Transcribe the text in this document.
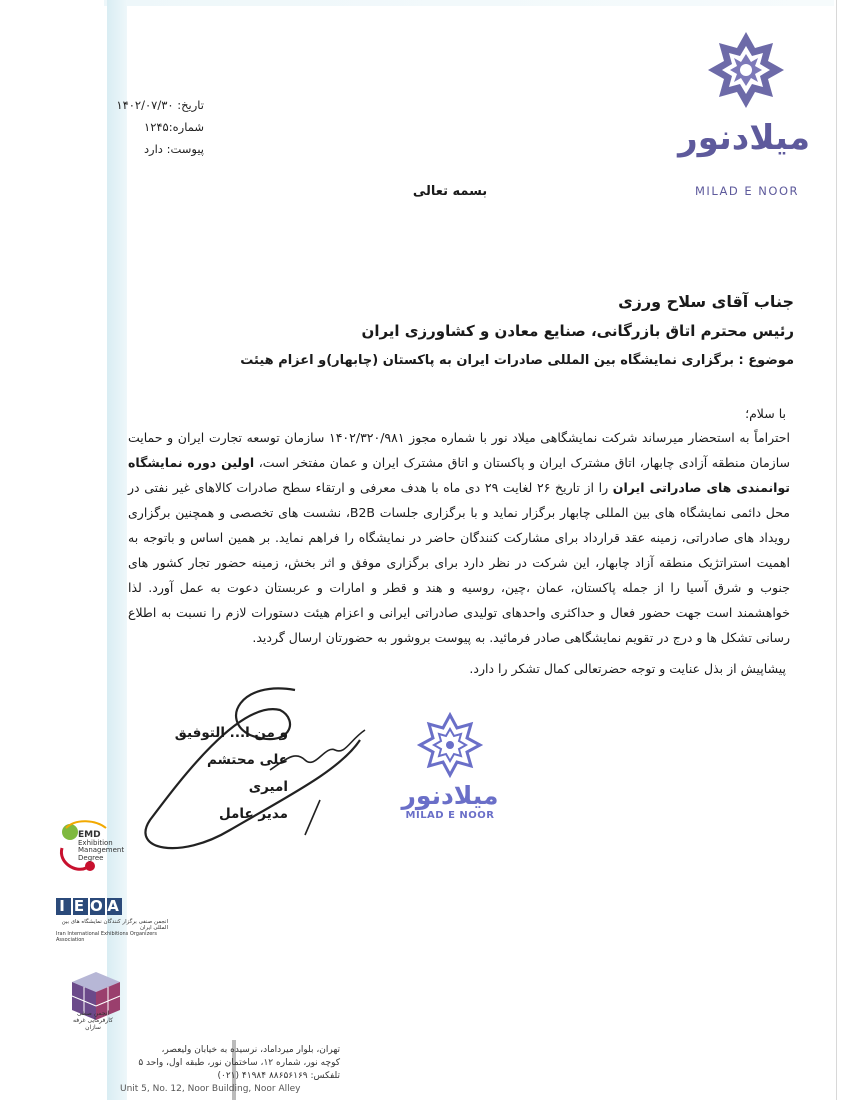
تاریخ: ۱۴۰۲/۰۷/۳۰
شماره:۱۲۴۵
پیوست: دارد	میلادنور
MILAD E NOOR
بسمه تعالی
جناب آقای سلاح ورزی
رئیس محترم اتاق بازرگانی، صنایع معادن و کشاورزی ایران
موضوع : برگزاری نمایشگاه بین المللی صادرات ایران به پاکستان (چابهار)و اعزام هیئت
با سلام؛
احتراماً به استحضار میرساند شرکت نمایشگاهی میلاد نور با شماره مجوز ۱۴۰۲/۳۲۰/۹۸۱ سازمان توسعه تجارت ایران و حمایت سازمان منطقه آزادی چابهار، اتاق مشترک ایران و پاکستان و اتاق مشترک ایران و عمان مفتخر است، اولین دوره نمایشگاه توانمندی های صادراتی ایران را از تاریخ ۲۶ لغایت ۲۹ دی ماه با هدف معرفی و ارتقاء سطح صادرات کالاهای غیر نفتی در محل دائمی نمایشگاه های بین المللی چابهار برگزار نماید و با برگزاری جلسات B2B، نشست های تخصصی و همچنین برگزاری رویداد های صادراتی، زمینه عقد قرارداد برای مشارکت کنندگان حاضر در نمایشگاه را فراهم نماید. بر همین اساس و باتوجه به اهمیت استراتژیک منطقه آزاد چابهار، این شرکت در نظر دارد برای برگزاری موفق و اثر بخش، زمینه حضور تجار کشور های جنوب و شرق آسیا را از جمله پاکستان، عمان ،چین، روسیه و هند و قطر و امارات و عربستان دعوت به عمل آورد. لذا خواهشمند است جهت حضور فعال و حداکثری واحدهای تولیدی صادراتی ایرانی و اعزام هیئت دستورات لازم را نسبت به اطلاع رسانی تشکل ها و درج در تقویم نمایشگاهی صادر فرمائید. به پیوست بروشور به حضورتان ارسال گردید.
پیشاپیش از بذل عنایت و توجه حضرتعالی کمال تشکر را دارد.
و من ا... التوفیق
علی محتشم امیری
مدیر عامل
میلادنور
MILAD E NOOR
EMD
Exhibition
Management Degree
I E O A
انجمن صنفی برگزار کنندگان نمایشگاه های بین المللی ایران
Iran International Exhibitions Organizers Association
انجمن صنفی کارفرمایی غرفه سازان
تهران، بلوار میرداماد، نرسیده به خیابان ولیعصر،
کوچه نور، شماره ۱۲، ساختمان نور، طبقه اول، واحد ۵
تلفکس: ۸۸۶۵۶۱۶۹ ۴۱۹۸۴ (۰۲۱)
Unit 5, No. 12, Noor Building, Noor Alley
